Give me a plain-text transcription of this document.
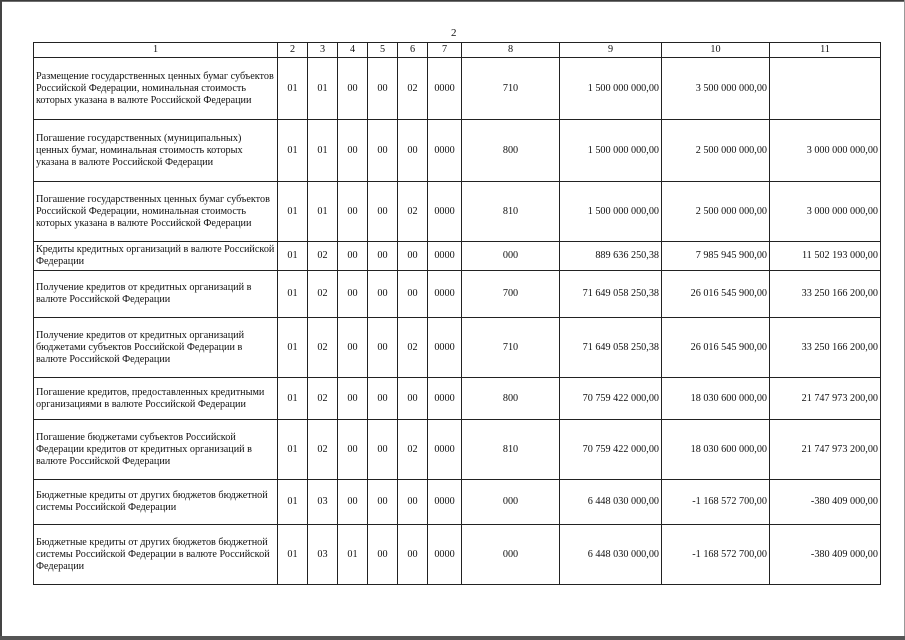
2
1	2	3	4	5	6	7	8	9	10	11
Размещение государственных ценных бумаг субъектов Российской Федерации, номинальная стоимость которых указана в валюте Российской Федерации	01	01	00	00	02	0000	710	1 500 000 000,00	3 500 000 000,00	
Погашение государственных (муниципальных) ценных бумаг, номинальная стоимость которых указана в валюте Российской Федерации	01	01	00	00	00	0000	800	1 500 000 000,00	2 500 000 000,00	3 000 000 000,00
Погашение государственных ценных бумаг субъектов Российской Федерации, номинальная стоимость которых указана в валюте Российской Федерации	01	01	00	00	02	0000	810	1 500 000 000,00	2 500 000 000,00	3 000 000 000,00
Кредиты кредитных организаций в валюте Российской Федерации	01	02	00	00	00	0000	000	889 636 250,38	7 985 945 900,00	11 502 193 000,00
Получение кредитов от кредитных организаций в валюте Российской Федерации	01	02	00	00	00	0000	700	71 649 058 250,38	26 016 545 900,00	33 250 166 200,00
Получение кредитов от кредитных организаций бюджетами субъектов Российской Федерации в валюте Российской Федерации	01	02	00	00	02	0000	710	71 649 058 250,38	26 016 545 900,00	33 250 166 200,00
Погашение кредитов, предоставленных кредитными организациями в валюте Российской Федерации	01	02	00	00	00	0000	800	70 759 422 000,00	18 030 600 000,00	21 747 973 200,00
Погашение бюджетами субъектов Российской Федерации кредитов от кредитных организаций в валюте Российской Федерации	01	02	00	00	02	0000	810	70 759 422 000,00	18 030 600 000,00	21 747 973 200,00
Бюджетные кредиты от других бюджетов бюджетной системы Российской Федерации	01	03	00	00	00	0000	000	6 448 030 000,00	-1 168 572 700,00	-380 409 000,00
Бюджетные кредиты от других бюджетов бюджетной системы Российской Федерации в валюте Российской Федерации	01	03	01	00	00	0000	000	6 448 030 000,00	-1 168 572 700,00	-380 409 000,00
